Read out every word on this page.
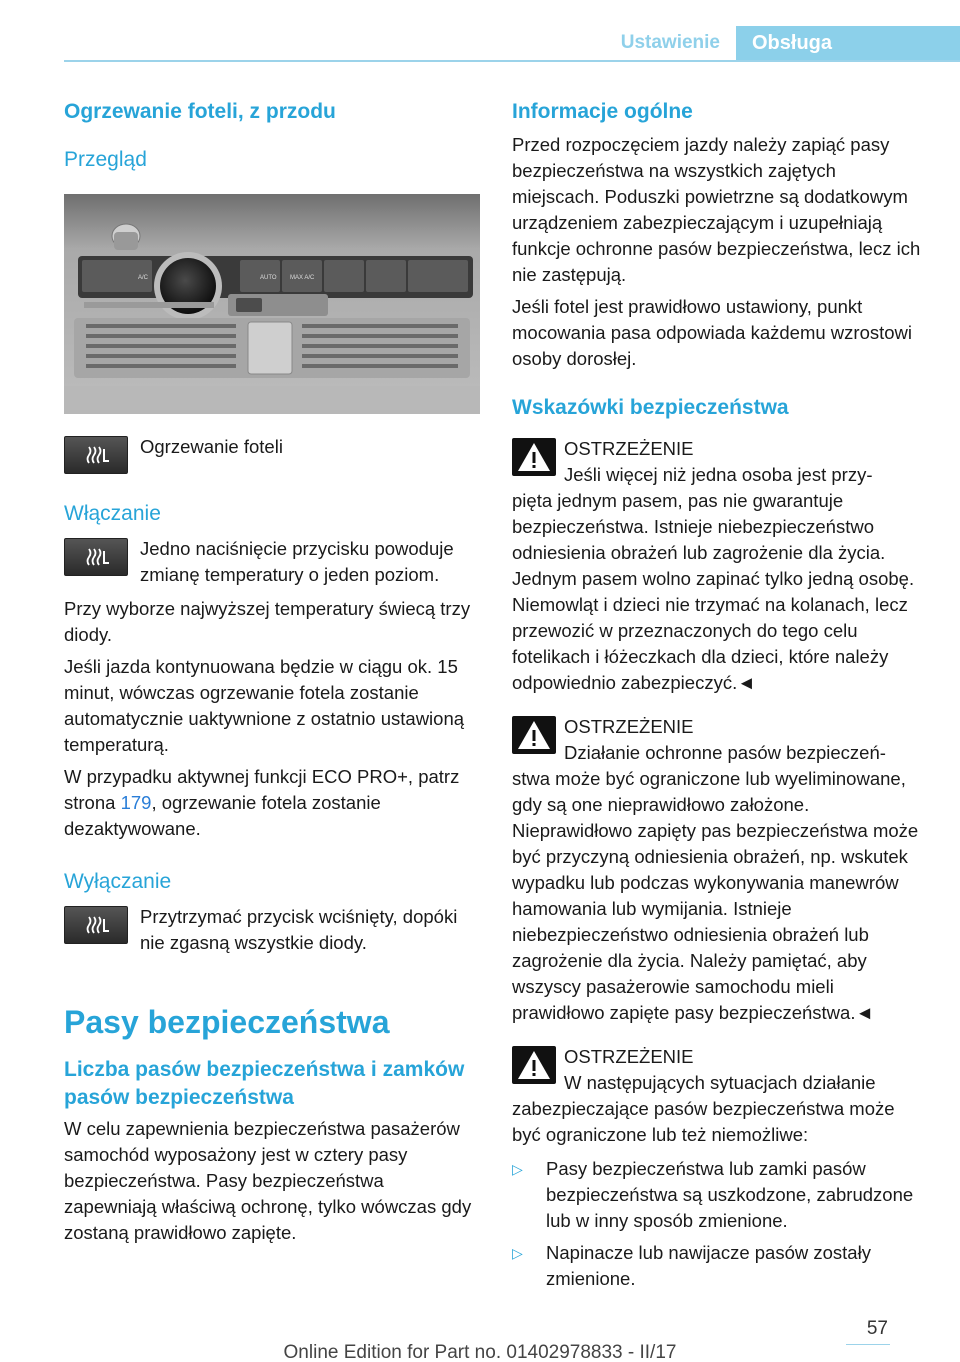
Ustawienie	Obsługa
Ogrzewanie foteli, z przodu
Przegląd
A/C	AUTO MAX A/C
Ogrzewanie foteli
Włączanie
Jedno naciśnięcie przycisku powoduje zmianę temperatury o jeden poziom.
Przy wyborze najwyższej temperatury świecą trzy diody.
Jeśli jazda kontynuowana będzie w ciągu ok. 15 minut, wówczas ogrzewanie fotela zostanie automatycznie uaktywnione z ostatnio ustawioną temperaturą.
W przypadku aktywnej funkcji ECO PRO+, patrz strona 179, ogrzewanie fotela zostanie dezaktywowane.
Wyłączanie
Przytrzymać przycisk wciśnięty, dopóki nie zgasną wszystkie diody.
Pasy bezpieczeństwa
Liczba pasów bezpieczeństwa i zamków pasów bezpieczeństwa
W celu zapewnienia bezpieczeństwa pasażerów samochód wyposażony jest w cztery pasy bezpieczeństwa. Pasy bezpieczeństwa zapewniają właściwą ochronę, tylko wówczas gdy zostaną prawidłowo zapięte.
Informacje ogólne
Przed rozpoczęciem jazdy należy zapiąć pasy bezpieczeństwa na wszystkich zajętych miejscach. Poduszki powietrzne są dodatkowym urządzeniem zabezpieczającym i uzupełniają funkcje ochronne pasów bezpieczeństwa, lecz ich nie zastępują.
Jeśli fotel jest prawidłowo ustawiony, punkt mocowania pasa odpowiada każdemu wzrostowi osoby dorosłej.
Wskazówki bezpieczeństwa
OSTRZEŻENIE
Jeśli więcej niż jedna osoba jest przy-
pięta jednym pasem, pas nie gwarantuje bezpieczeństwa. Istnieje niebezpieczeństwo odniesienia obrażeń lub zagrożenie dla życia. Jednym pasem wolno zapinać tylko jedną osobę. Niemowląt i dzieci nie trzymać na kolanach, lecz przewozić w przeznaczonych do tego celu fotelikach i łóżeczkach dla dzieci, które należy odpowiednio zabezpieczyć.◄
OSTRZEŻENIE
Działanie ochronne pasów bezpieczeń-
stwa może być ograniczone lub wyeliminowane, gdy są one nieprawidłowo założone. Nieprawidłowo zapięty pas bezpieczeństwa może być przyczyną odniesienia obrażeń, np. wskutek wypadku lub podczas wykonywania manewrów hamowania lub wymijania. Istnieje niebezpieczeństwo odniesienia obrażeń lub zagrożenie dla życia. Należy pamiętać, aby wszyscy pasażerowie samochodu mieli prawidłowo zapięte pasy bezpieczeństwa.◄
OSTRZEŻENIE
W następujących sytuacjach działanie
zabezpieczające pasów bezpieczeństwa może być ograniczone lub też niemożliwe:
▷	Pasy bezpieczeństwa lub zamki pasów bezpieczeństwa są uszkodzone, zabrudzone lub w inny sposób zmienione.
▷	Napinacze lub nawijacze pasów zostały zmienione.
57
Online Edition for Part no. 01402978833 - II/17
